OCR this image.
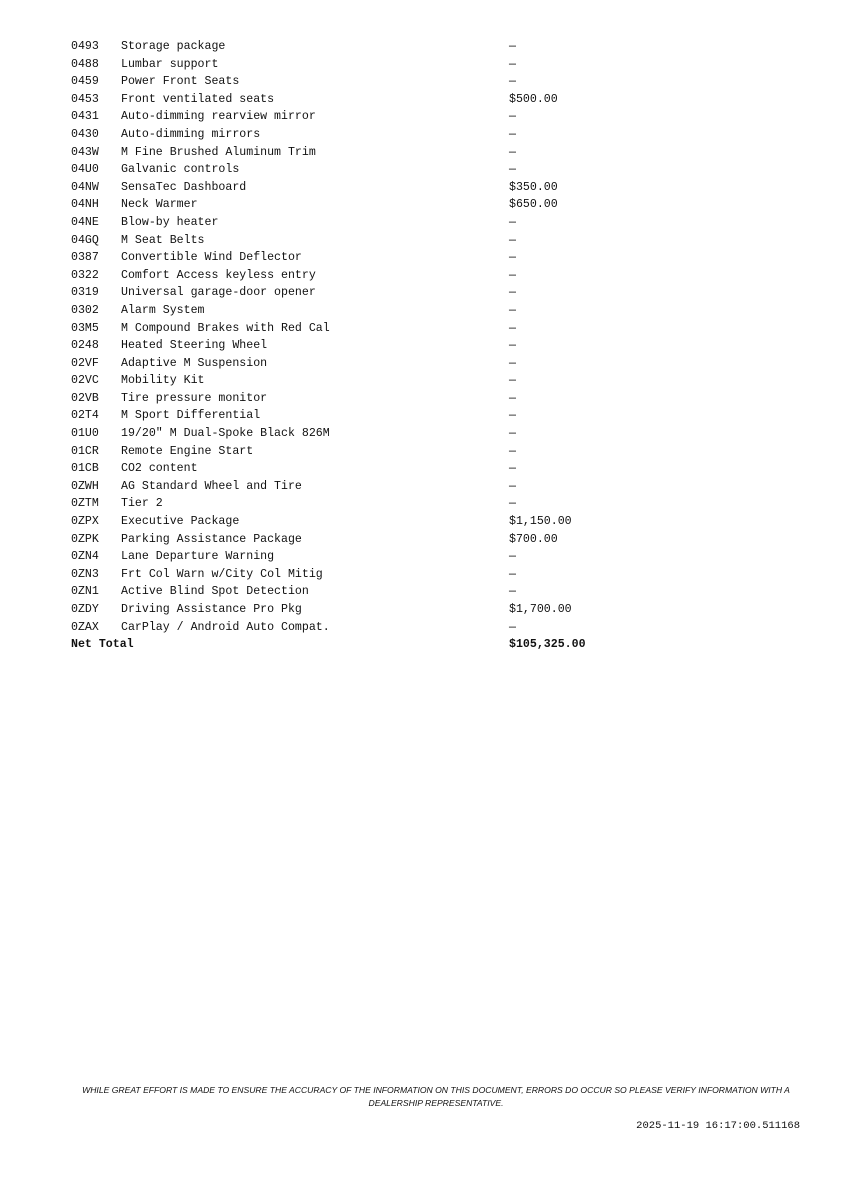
0493	Storage package	—
0488	Lumbar support	—
0459	Power Front Seats	—
0453	Front ventilated seats	$500.00
0431	Auto-dimming rearview mirror	—
0430	Auto-dimming mirrors	—
043W	M Fine Brushed Aluminum Trim	—
04U0	Galvanic controls	—
04NW	SensaTec Dashboard	$350.00
04NH	Neck Warmer	$650.00
04NE	Blow-by heater	—
04GQ	M Seat Belts	—
0387	Convertible Wind Deflector	—
0322	Comfort Access keyless entry	—
0319	Universal garage-door opener	—
0302	Alarm System	—
03M5	M Compound Brakes with Red Cal	—
0248	Heated Steering Wheel	—
02VF	Adaptive M Suspension	—
02VC	Mobility Kit	—
02VB	Tire pressure monitor	—
02T4	M Sport Differential	—
01U0	19/20" M Dual-Spoke Black 826M	—
01CR	Remote Engine Start	—
01CB	CO2 content	—
0ZWH	AG Standard Wheel and Tire	—
0ZTM	Tier 2	—
0ZPX	Executive Package	$1,150.00
0ZPK	Parking Assistance Package	$700.00
0ZN4	Lane Departure Warning	—
0ZN3	Frt Col Warn w/City Col Mitig	—
0ZN1	Active Blind Spot Detection	—
0ZDY	Driving Assistance Pro Pkg	$1,700.00
0ZAX	CarPlay / Android Auto Compat.	—
Net Total		$105,325.00

WHILE GREAT EFFORT IS MADE TO ENSURE THE ACCURACY OF THE INFORMATION ON THIS DOCUMENT, ERRORS DO OCCUR SO PLEASE VERIFY INFORMATION WITH A DEALERSHIP REPRESENTATIVE.

2025-11-19 16:17:00.511168
